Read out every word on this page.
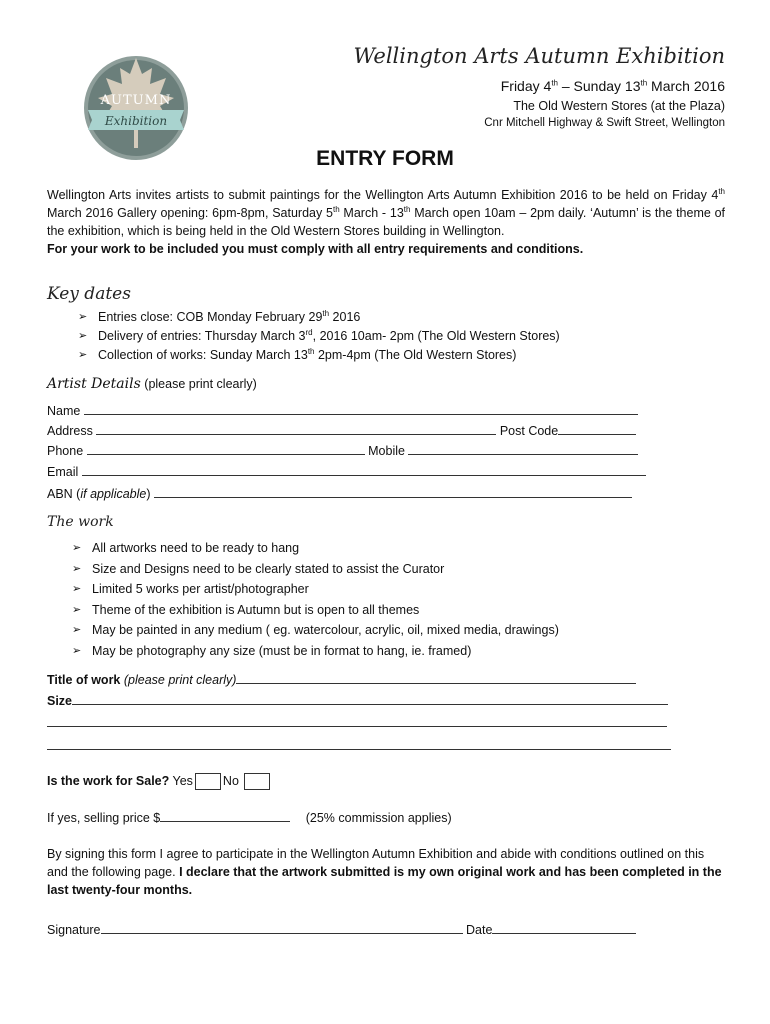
AUTUMN
Exhibition
Wellington Arts Autumn Exhibition
Friday 4th – Sunday 13th March 2016
The Old Western Stores (at the Plaza)
Cnr Mitchell Highway & Swift Street, Wellington
ENTRY FORM
Wellington Arts invites artists to submit paintings for the Wellington Arts Autumn Exhibition 2016 to be held on Friday 4th March 2016 Gallery opening: 6pm-8pm, Saturday 5th March - 13th March open 10am – 2pm daily. ‘Autumn’ is the theme of the exhibition, which is being held in the Old Western Stores building in Wellington.
For your work to be included you must comply with all entry requirements and conditions.
Key dates
➢ Entries close: COB Monday February 29th 2016
➢ Delivery of entries: Thursday March 3rd, 2016 10am- 2pm (The Old Western Stores)
➢ Collection of works: Sunday March 13th 2pm-4pm (The Old Western Stores)
Artist Details (please print clearly)
Name
Address	Post Code
Phone	Mobile
Email
ABN (if applicable)
The work
➢ All artworks need to be ready to hang
➢ Size and Designs need to be clearly stated to assist the Curator
➢ Limited 5 works per artist/photographer
➢ Theme of the exhibition is Autumn but is open to all themes
➢ May be painted in any medium ( eg. watercolour, acrylic, oil, mixed media, drawings)
➢ May be photography any size (must be in format to hang, ie. framed)
Title of work (please print clearly)
Size
Is the work for Sale? Yes No
If yes, selling price $	(25% commission applies)
By signing this form I agree to participate in the Wellington Autumn Exhibition and abide with conditions outlined on this and the following page. I declare that the artwork submitted is my own original work and has been completed in the last twenty-four months.
Signature	Date
